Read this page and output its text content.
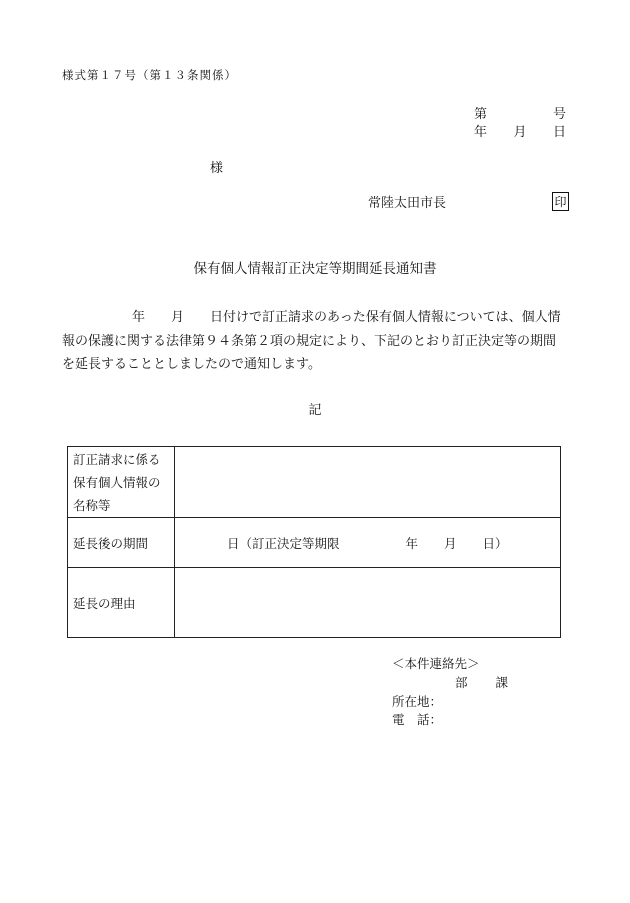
様式第１７号（第１３条関係）
第	号
年 月 日
様
常陸太田市長	印
保有個人情報訂正決定等期間延長通知書
年 月 日付けで訂正請求のあった保有個人情報については、個人情
報の保護に関する法律第９４条第２項の規定により、下記のとおり訂正決定等の期間
を延長することとしましたので通知します。
記
訂正請求に係る
保有個人情報の
名称等	

延長後の期間	日（訂正決定等期限 年 月 日）
延長の理由	
＜本件連絡先＞
部 課
所在地：
電　話：
